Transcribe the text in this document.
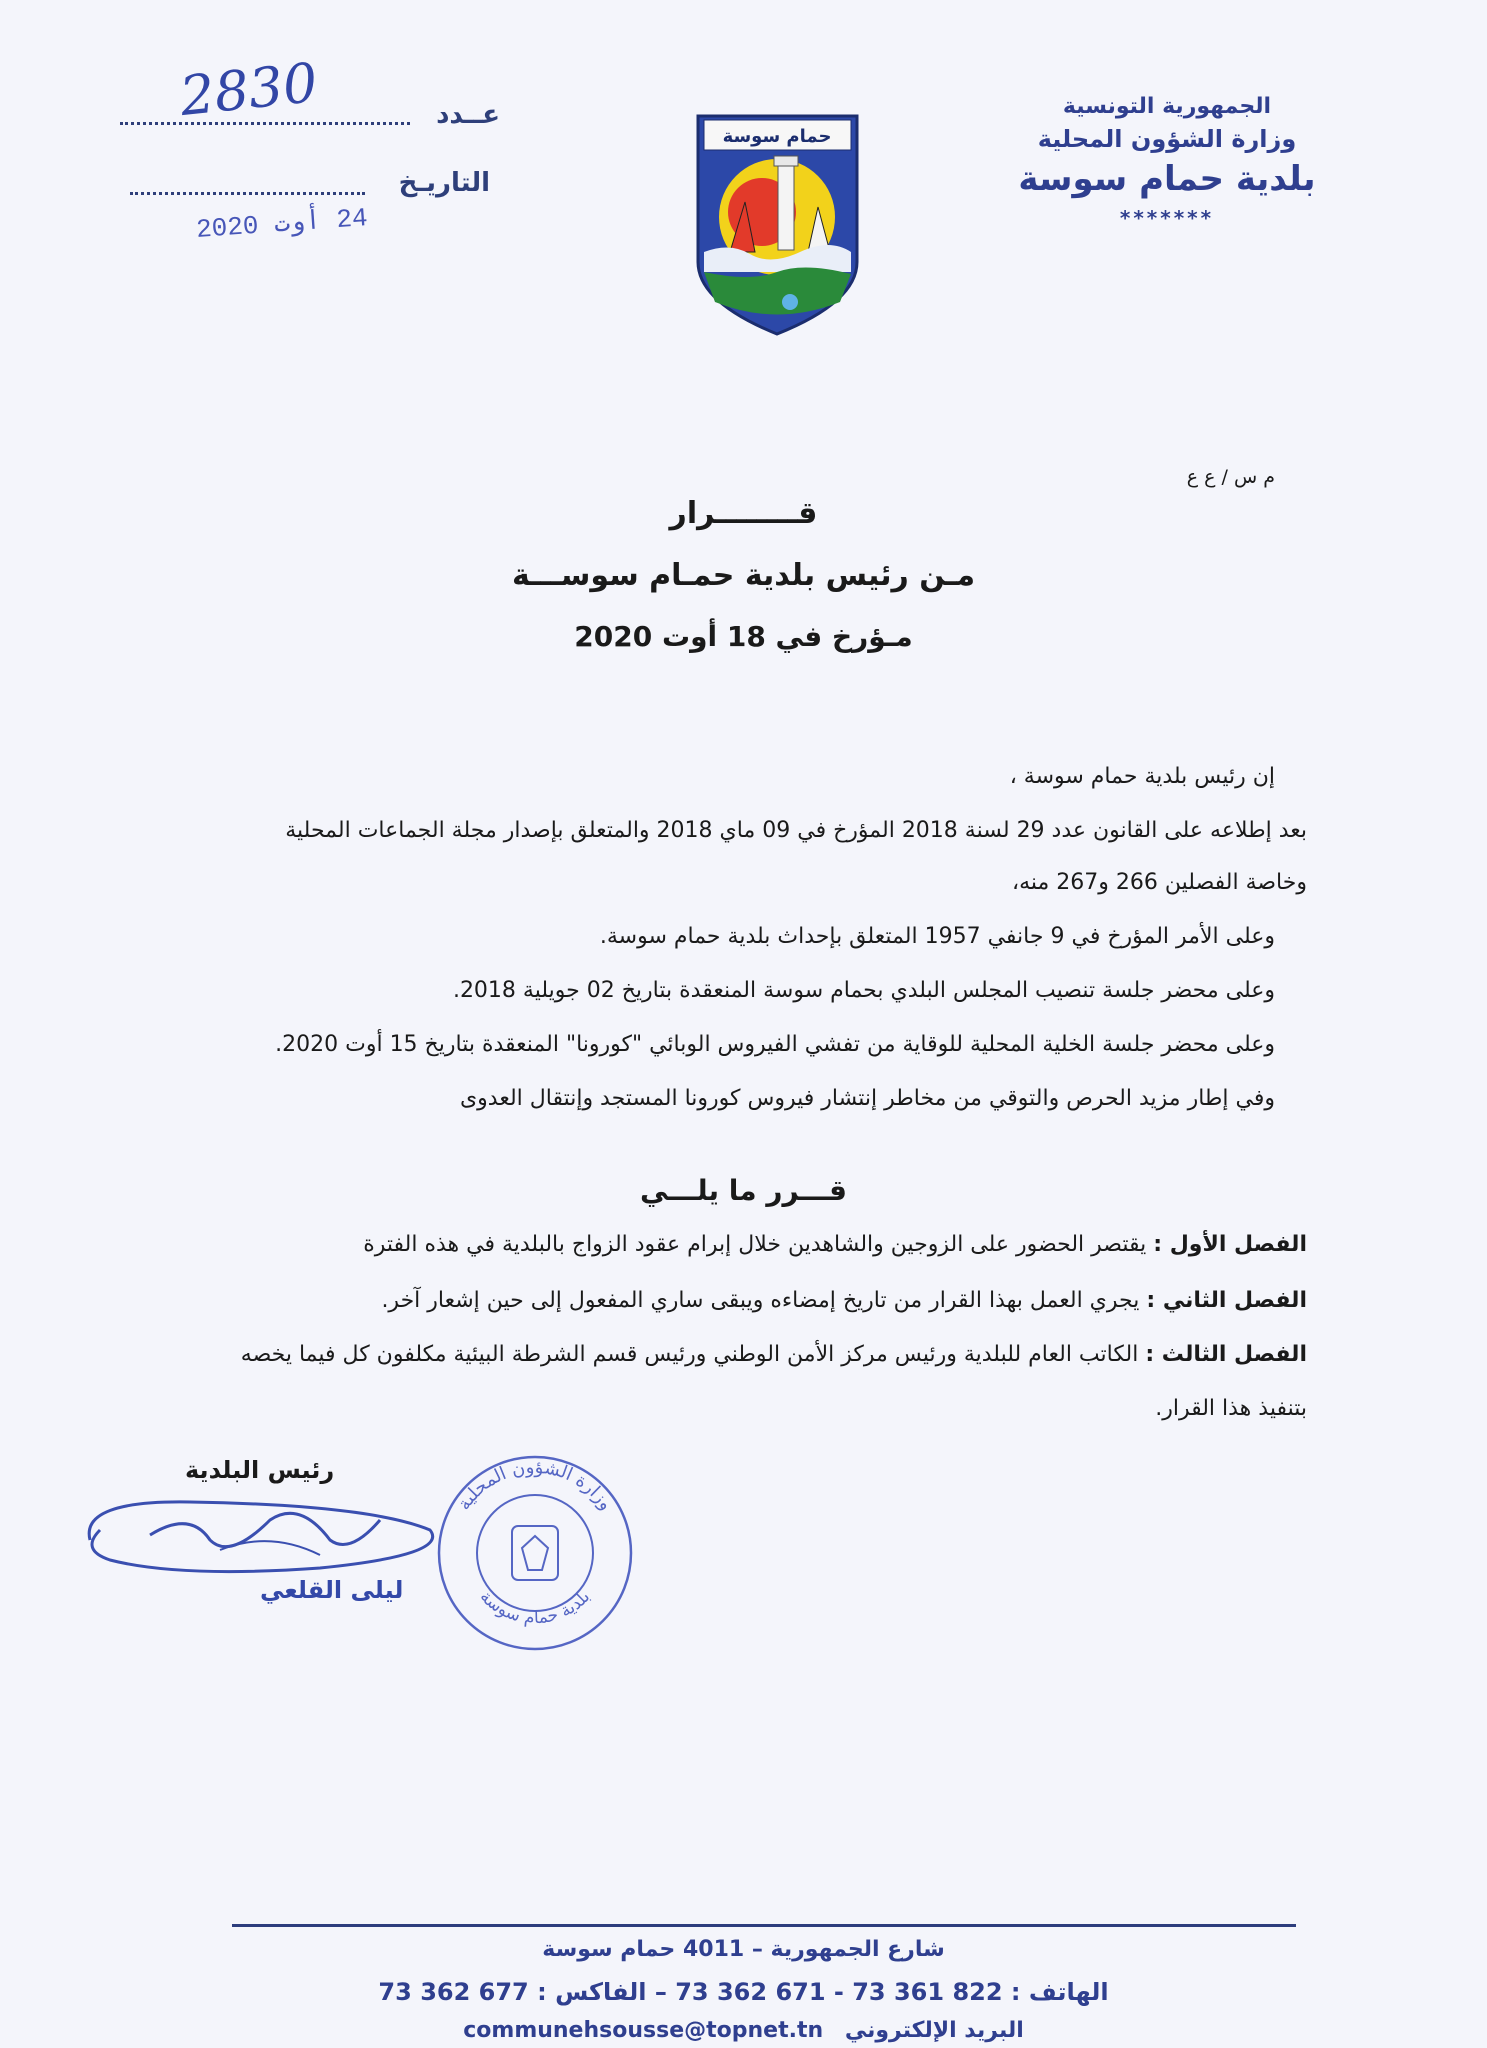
الجمهورية التونسية
وزارة الشؤون المحلية
بلدية حمام سوسة
*******
2830	عــدد
التاريـخ
24 أوت 2020
حمام سوسة
م س / ع ع
قــــــــرار
مـن رئيس بلدية حمـام سوســـة
مـؤرخ في 18 أوت 2020
إن رئيس بلدية حمام سوسة ،
بعد إطلاعه على القانون عدد 29 لسنة 2018 المؤرخ في 09 ماي 2018 والمتعلق بإصدار مجلة الجماعات المحلية
وخاصة الفصلين 266 و267 منه،
وعلى الأمر المؤرخ في 9 جانفي 1957 المتعلق بإحداث بلدية حمام سوسة.
وعلى محضر جلسة تنصيب المجلس البلدي بحمام سوسة المنعقدة بتاريخ 02 جويلية 2018.
وعلى محضر جلسة الخلية المحلية للوقاية من تفشي الفيروس الوبائي "كورونا" المنعقدة بتاريخ 15 أوت 2020.
وفي إطار مزيد الحرص والتوقي من مخاطر إنتشار فيروس كورونا المستجد وإنتقال العدوى
قـــرر ما يلـــي
الفصل الأول : يقتصر الحضور على الزوجين والشاهدين خلال إبرام عقود الزواج بالبلدية في هذه الفترة
الفصل الثاني : يجري العمل بهذا القرار من تاريخ إمضاءه ويبقى ساري المفعول إلى حين إشعار آخر.
الفصل الثالث : الكاتب العام للبلدية ورئيس مركز الأمن الوطني ورئيس قسم الشرطة البيئية مكلفون كل فيما يخصه
بتنفيذ هذا القرار.
رئيس البلدية
ليلى القلعي
وزارة الشؤون المحلية
بلدية حمام سوسة
شارع الجمهورية – 4011 حمام سوسة
الهاتف : 822 361 73 - 671 362 73 – الفاكس : 677 362 73
البريد الإلكتروني communehsousse@topnet.tn
